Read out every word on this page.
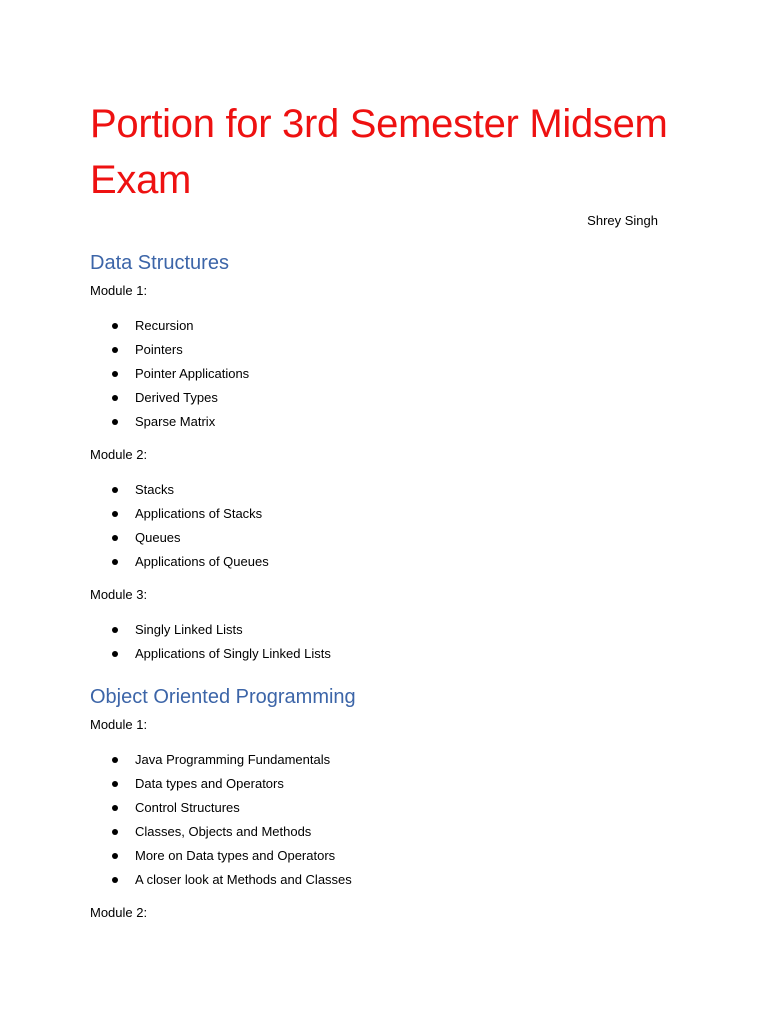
Portion for 3rd Semester Midsem Exam
Shrey Singh
Data Structures
Module 1:
Recursion
Pointers
Pointer Applications
Derived Types
Sparse Matrix
Module 2:
Stacks
Applications of Stacks
Queues
Applications of Queues
Module 3:
Singly Linked Lists
Applications of Singly Linked Lists
Object Oriented Programming
Module 1:
Java Programming Fundamentals
Data types and Operators
Control Structures
Classes, Objects and Methods
More on Data types and Operators
A closer look at Methods and Classes
Module 2:
